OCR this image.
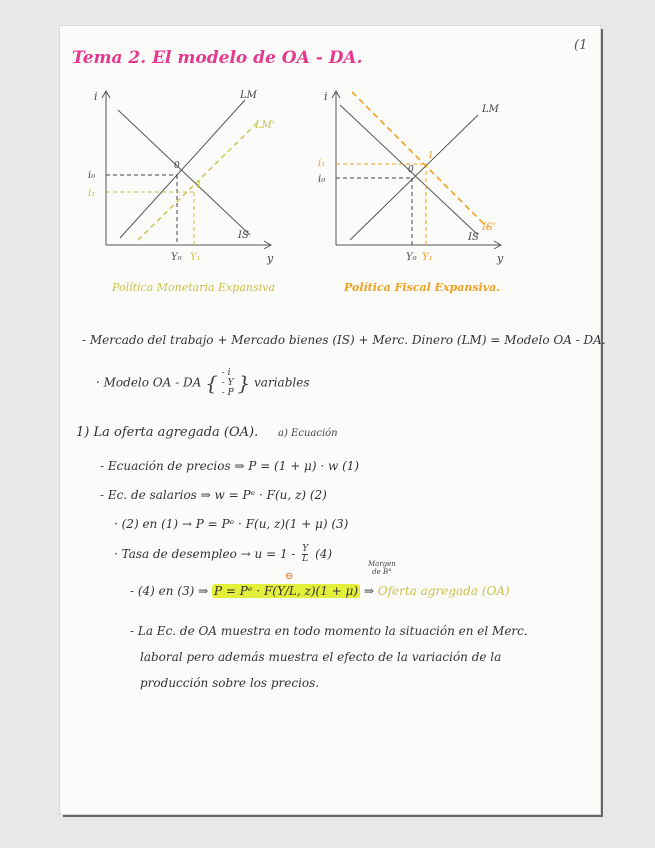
Tema 2. El modelo de OA - DA.
(1
i
y
LM
LM'
IS
i₀
i₁
Y₀ Y₁
0
1
Política Monetaria Expansiva
i
y
LM
IS
IS'
i₀
i₁
Y₀ Y₁
0
1
Política Fiscal Expansiva.
- Mercado del trabajo + Mercado bienes (IS) + Merc. Dinero (LM) = Modelo OA - DA.
· Modelo OA - DA { - i
- Y
- P } variables
1) La oferta agregada (OA). a) Ecuación
- Ecuación de precios ⇒ P = (1 + μ) · w (1)
- Ec. de salarios ⇒ w = Pᵉ · F(u, z) (2)
· (2) en (1) → P = Pᵉ · F(u, z)(1 + μ) (3)
· Tasa de desempleo → $u = 1 - \frac{Y}{L} (4)$
Margen
de B°
⊖
- (4) en (3) ⇒ P = Pᵉ · F(Y/L, z)(1 + μ) ⇒ Oferta agregada (OA)
- La Ec. de OA muestra en todo momento la situación en el Merc.
laboral pero además muestra el efecto de la variación de la
producción sobre los precios.
